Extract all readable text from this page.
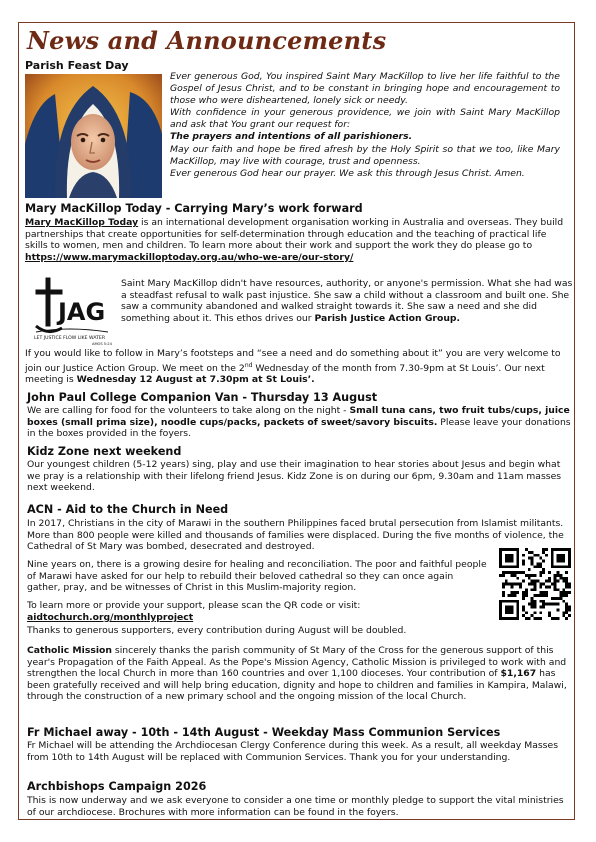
News and Announcements
Parish Feast Day
Ever generous God, You inspired Saint Mary MacKillop to live her life faithful to the Gospel of Jesus Christ, and to be constant in bringing hope and encouragement to those who were disheartened, lonely sick or needy.
With confidence in your generous providence, we join with Saint Mary MacKillop and ask that You grant our request for:
The prayers and intentions of all parishioners.
May our faith and hope be fired afresh by the Holy Spirit so that we too, like Mary MacKillop, may live with courage, trust and openness.
Ever generous God hear our prayer. We ask this through Jesus Christ. Amen.
Mary MacKillop Today - Carrying Mary’s work forward

Mary MacKillop Today is an international development organisation working in Australia and overseas. They build partnerships that create opportunities for self-determination through education and the teaching of practical life skills to women, men and children. To learn more about their work and support the work they do please go to https://www.marymackilloptoday.org.au/who-we-are/our-story/

JAG
LET JUSTICE FLOW LIKE WATER
AMOS 5:24

Saint Mary MacKillop didn't have resources, authority, or anyone's permission. What she had was a steadfast refusal to walk past injustice. She saw a child without a classroom and built one. She saw a community abandoned and walked straight towards it. She saw a need and she did something about it. This ethos drives our Parish Justice Action Group.

If you would like to follow in Mary’s footsteps and “see a need and do something about it” you are very welcome to join our Justice Action Group. We meet on the 2nd Wednesday of the month from 7.30-9pm at St Louis’. Our next meeting is Wednesday 12 August at 7.30pm at St Louis’.

John Paul College Companion Van - Thursday 13 August

We are calling for food for the volunteers to take along on the night - Small tuna cans, two fruit tubs/cups, juice boxes (small prima size), noodle cups/packs, packets of sweet/savory biscuits. Please leave your donations in the boxes provided in the foyers.

Kidz Zone next weekend

Our youngest children (5-12 years) sing, play and use their imagination to hear stories about Jesus and begin what we pray is a relationship with their lifelong friend Jesus. Kidz Zone is on during our 6pm, 9.30am and 11am masses next weekend.

ACN - Aid to the Church in Need

In 2017, Christians in the city of Marawi in the southern Philippines faced brutal persecution from Islamist militants. More than 800 people were killed and thousands of families were displaced. During the five months of violence, the Cathedral of St Mary was bombed, desecrated and destroyed.

Nine years on, there is a growing desire for healing and reconciliation. The poor and faithful people of Marawi have asked for our help to rebuild their beloved cathedral so they can once again gather, pray, and be witnesses of Christ in this Muslim-majority region.

To learn more or provide your support, please scan the QR code or visit:

aidtochurch.org/monthlyproject

Thanks to generous supporters, every contribution during August will be doubled.

Catholic Mission sincerely thanks the parish community of St Mary of the Cross for the generous support of this year's Propagation of the Faith Appeal. As the Pope's Mission Agency, Catholic Mission is privileged to work with and strengthen the local Church in more than 160 countries and over 1,100 dioceses. Your contribution of $1,167 has been gratefully received and will help bring education, dignity and hope to children and families in Kampira, Malawi, through the construction of a new primary school and the ongoing mission of the local Church.

Fr Michael away - 10th - 14th August - Weekday Mass Communion Services

Fr Michael will be attending the Archdiocesan Clergy Conference during this week. As a result, all weekday Masses from 10th to 14th August will be replaced with Communion Services. Thank you for your understanding.

Archbishops Campaign 2026

This is now underway and we ask everyone to consider a one time or monthly pledge to support the vital ministries of our archdiocese. Brochures with more information can be found in the foyers.
